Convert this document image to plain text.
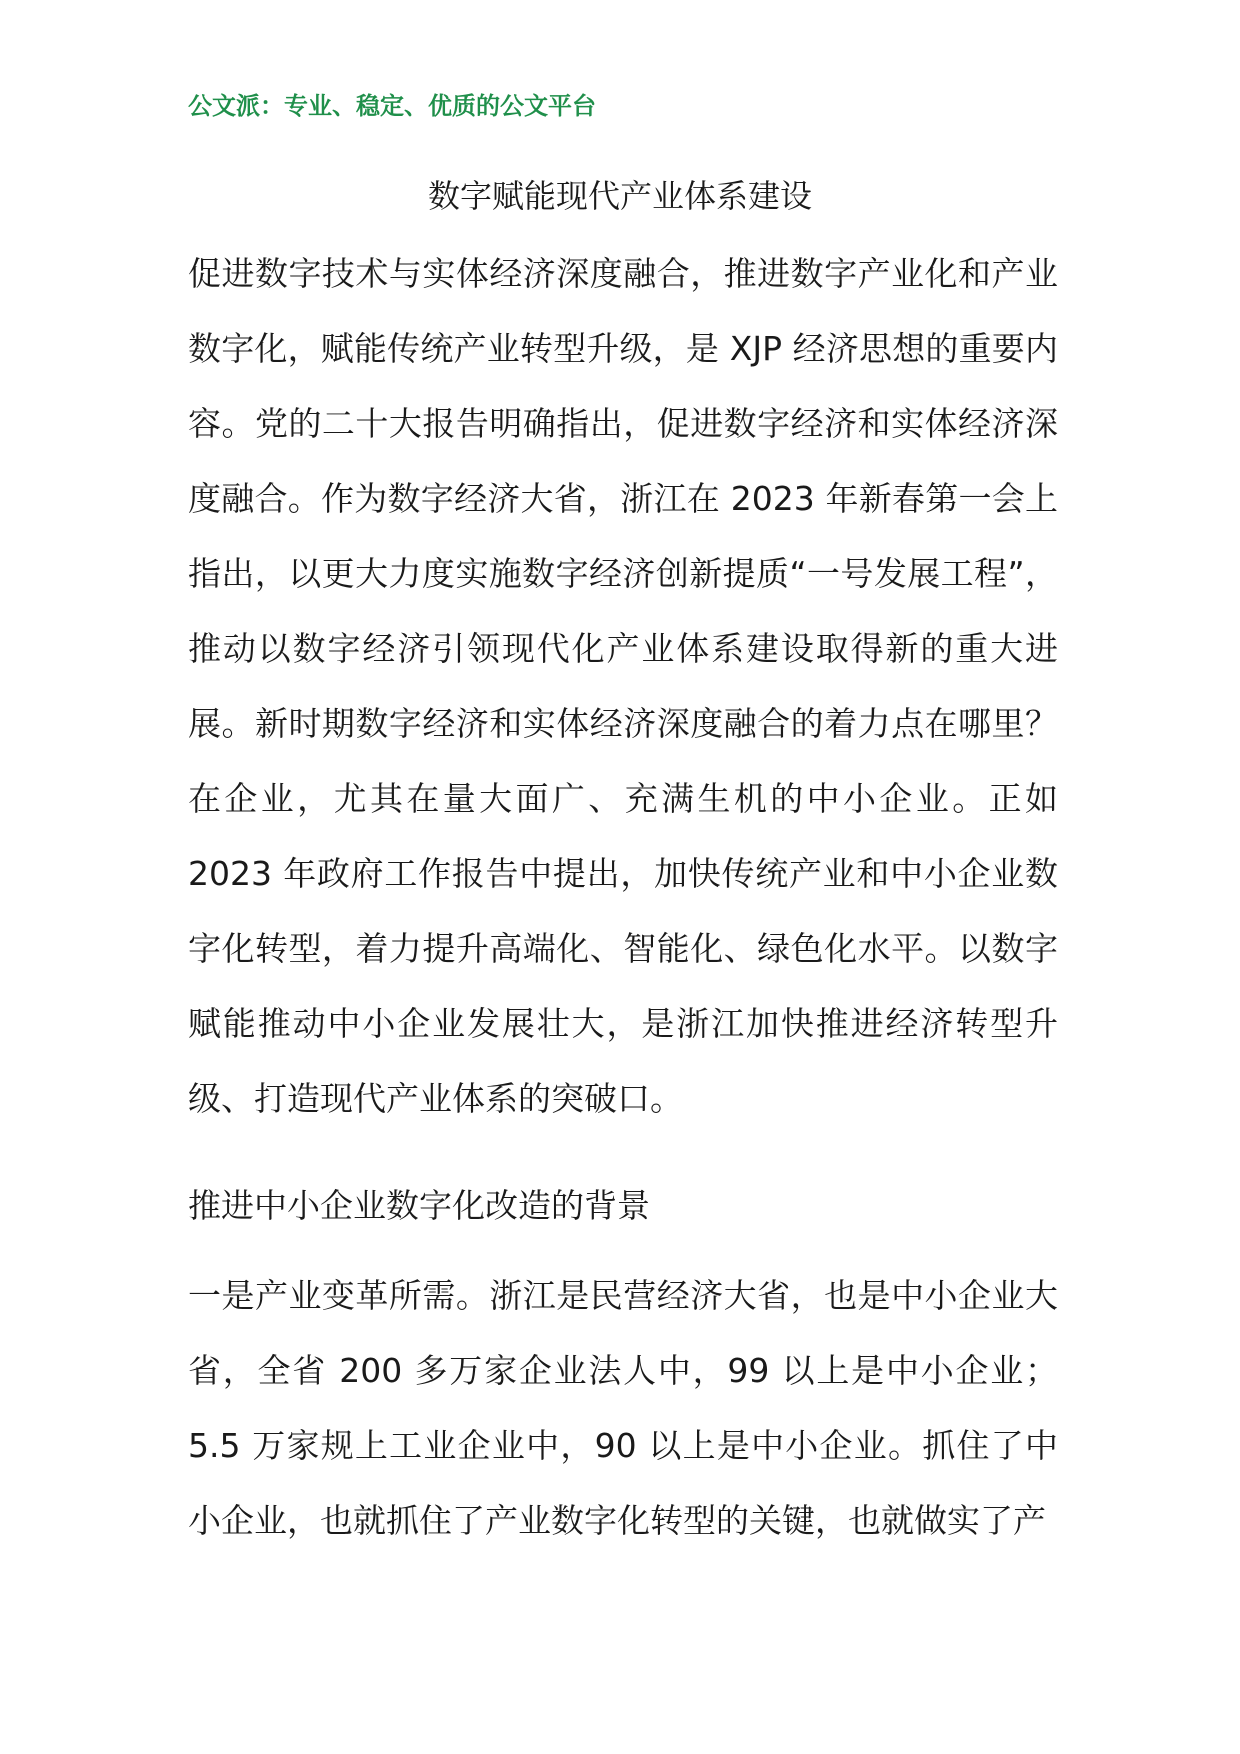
公文派：专业、稳定、优质的公文平台
数字赋能现代产业体系建设

促进数字技术与实体经济深度融合，推进数字产业化和产业数字化，赋能传统产业转型升级，是 XJP 经济思想的重要内容。党的二十大报告明确指出，促进数字经济和实体经济深度融合。作为数字经济大省，浙江在 2023 年新春第一会上指出，以更大力度实施数字经济创新提质“一号发展工程”，推动以数字经济引领现代化产业体系建设取得新的重大进展。新时期数字经济和实体经济深度融合的着力点在哪里？在企业，尤其在量大面广、充满生机的中小企业。正如 2023 年政府工作报告中提出，加快传统产业和中小企业数字化转型，着力提升高端化、智能化、绿色化水平。以数字赋能推动中小企业发展壮大，是浙江加快推进经济转型升级、打造现代产业体系的突破口。

推进中小企业数字化改造的背景

一是产业变革所需。浙江是民营经济大省，也是中小企业大省，全省 200 多万家企业法人中，99 以上是中小企业；5.5 万家规上工业企业中，90 以上是中小企业。抓住了中小企业，也就抓住了产业数字化转型的关键，也就做实了产
